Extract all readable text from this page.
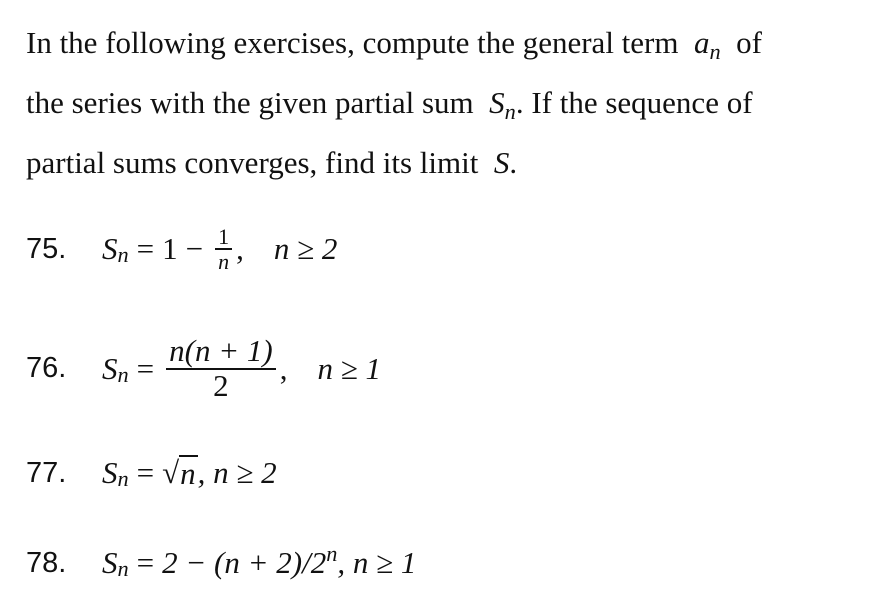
In the following exercises, compute the general term $a_n$ of
the series with the given partial sum $S_n$. If the sequence of
partial sums converges, find its limit S.
75.	S $n = 1 - \frac{1}{n}$ , n ≥ 2
76.	S $n = \frac{n(n + 1)}{2}$ , n ≥ 1
77.	S n = √ n , n ≥ 2
78.	S n = 2 − (n + 2)/2 n , n ≥ 1
